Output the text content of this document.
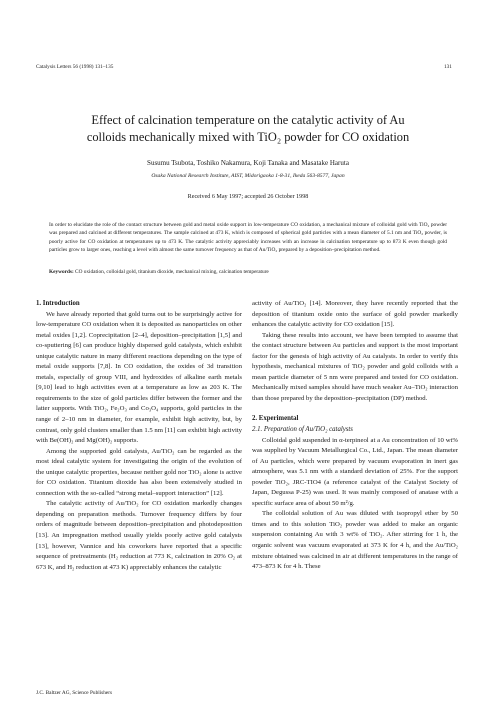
Catalysis Letters 56 (1998) 131–135	131
Effect of calcination temperature on the catalytic activity of Au
colloids mechanically mixed with TiO₂ powder for CO oxidation
Susumu Tsubota, Toshiko Nakamura, Koji Tanaka and Masatake Haruta
Osaka National Research Institute, AIST, Midorigaoka 1-8-31, Ikeda 563-8577, Japan
Received 6 May 1997; accepted 26 October 1998
In order to elucidate the role of the contact structure between gold and metal oxide support in low-temperature CO oxidation, a mechanical mixture of colloidal gold with TiO₂ powder was prepared and calcined at different temperatures. The sample calcined at 473 K, which is composed of spherical gold particles with a mean diameter of 5.1 nm and TiO₂ powder, is poorly active for CO oxidation at temperatures up to 473 K. The catalytic activity appreciably increases with an increase in calcination temperature up to 873 K even though gold particles grow to larger ones, reaching a level with almost the same turnover frequency as that of Au/TiO₂ prepared by a deposition–precipitation method.
Keywords: CO oxidation, colloidal gold, titanium dioxide, mechanical mixing, calcination temperature

1. Introduction

We have already reported that gold turns out to be surprisingly active for low-temperature CO oxidation when it is deposited as nanoparticles on other metal oxides [1,2]. Coprecipitation [2–4], deposition–precipitation [1,5] and co-sputtering [6] can produce highly dispersed gold catalysts, which exhibit unique catalytic nature in many different reactions depending on the type of metal oxide supports [7,8]. In CO oxidation, the oxides of 3d transition metals, especially of group VIII, and hydroxides of alkaline earth metals [9,10] lead to high activities even at a temperature as low as 203 K. The requirements to the size of gold particles differ between the former and the latter supports. With TiO₂, Fe₂O₃ and Co₃O₄ supports, gold particles in the range of 2–10 nm in diameter, for example, exhibit high activity, but, by contrast, only gold clusters smaller than 1.5 nm [11] can exhibit high activity with Be(OH)₂ and Mg(OH)₂ supports.

Among the supported gold catalysts, Au/TiO₂ can be regarded as the most ideal catalytic system for investigating the origin of the evolution of the unique catalytic properties, because neither gold nor TiO₂ alone is active for CO oxidation. Titanium dioxide has also been extensively studied in connection with the so-called “strong metal–support interaction” [12].

The catalytic activity of Au/TiO₂ for CO oxidation markedly changes depending on preparation methods. Turnover frequency differs by four orders of magnitude between deposition–precipitation and photodeposition [13]. An impregnation method usually yields poorly active gold catalysts [13], however, Vannice and his coworkers have reported that a specific sequence of pretreatments (H₂ reduction at 773 K, calcination in 20% O₂ at 673 K, and H₂ reduction at 473 K) appreciably enhances the catalytic

activity of Au/TiO₂ [14]. Moreover, they have recently reported that the deposition of titanium oxide onto the surface of gold powder markedly enhances the catalytic activity for CO oxidation [15].

Taking these results into account, we have been tempted to assume that the contact structure between Au particles and support is the most important factor for the genesis of high activity of Au catalysts. In order to verify this hypothesis, mechanical mixtures of TiO₂ powder and gold colloids with a mean particle diameter of 5 nm were prepared and tested for CO oxidation. Mechanically mixed samples should have much weaker Au–TiO₂ interaction than those prepared by the deposition–precipitation (DP) method.

2. Experimental

2.1. Preparation of Au/TiO₂ catalysts

Colloidal gold suspended in α-terpineol at a Au concentration of 10 wt% was supplied by Vacuum Metallurgical Co., Ltd., Japan. The mean diameter of Au particles, which were prepared by vacuum evaporation in inert gas atmosphere, was 5.1 nm with a standard deviation of 25%. For the support powder TiO₂, JRC-TIO4 (a reference catalyst of the Catalyst Society of Japan, Degussa P-25) was used. It was mainly composed of anatase with a specific surface area of about 50 m²/g.

The colloidal solution of Au was diluted with isopropyl ether by 50 times and to this solution TiO₂ powder was added to make an organic suspension containing Au with 3 wt% of TiO₂. After stirring for 1 h, the organic solvent was vacuum evaporated at 373 K for 4 h, and the Au/TiO₂ mixture obtained was calcined in air at different temperatures in the range of 473–873 K for 4 h. These

J.C. Baltzer AG, Science Publishers
